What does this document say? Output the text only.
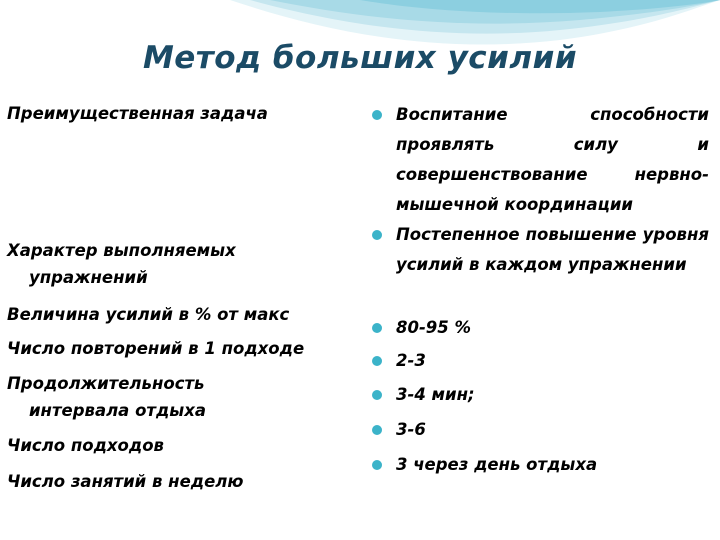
Метод больших усилий
Преимущественная задача
Характер выполняемых
упражнений
Величина усилий в % от макс
Число повторений в 1 подходе
Продолжительность
интервала отдыха
Число подходов
Число занятий в неделю
Воспитание способности проявлять силу и совершенствование нервно-мышечной координации
Постепенное повышение уровня усилий в каждом упражнении
80-95 %
2-3
3-4 мин;
3-6
3 через день отдыха
